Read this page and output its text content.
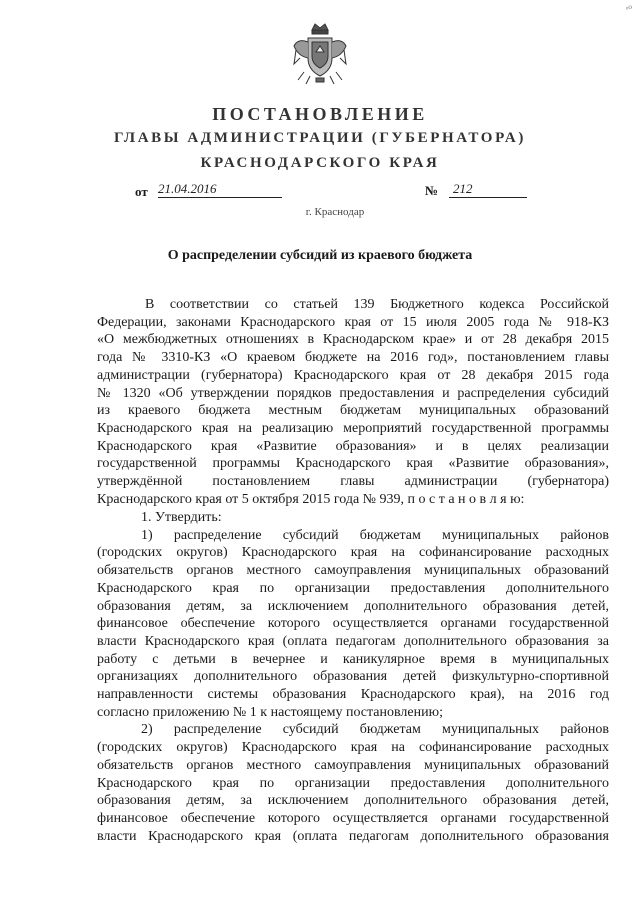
ᵒ⁰
ПОСТАНОВЛЕНИЕ
ГЛАВЫ АДМИНИСТРАЦИИ (ГУБЕРНАТОРА)
КРАСНОДАРСКОГО КРАЯ
от 21.04.2016	№ 212
г. Краснодар
О распределении субсидий из краевого бюджета
В соответствии со статьей 139 Бюджетного кодекса Российской
Федерации, законами Краснодарского края от 15 июля 2005 года № 918-КЗ
«О межбюджетных отношениях в Краснодарском крае» и от 28 декабря 2015
года № 3310-КЗ «О краевом бюджете на 2016 год», постановлением главы
администрации (губернатора) Краснодарского края от 28 декабря 2015 года
№ 1320 «Об утверждении порядков предоставления и распределения субсидий
из краевого бюджета местным бюджетам муниципальных образований
Краснодарского края на реализацию мероприятий государственной программы
Краснодарского края «Развитие образования» и в целях реализации
государственной программы Краснодарского края «Развитие образования»,
утверждённой постановлением главы администрации (губернатора)
Краснодарского края от 5 октября 2015 года № 939, п о с т а н о в л я ю:
1. Утвердить:
1) распределение субсидий бюджетам муниципальных районов
(городских округов) Краснодарского края на софинансирование расходных
обязательств органов местного самоуправления муниципальных образований
Краснодарского края по организации предоставления дополнительного
образования детям, за исключением дополнительного образования детей,
финансовое обеспечение которого осуществляется органами государственной
власти Краснодарского края (оплата педагогам дополнительного образования за
работу с детьми в вечернее и каникулярное время в муниципальных
организациях дополнительного образования детей физкультурно-спортивной
направленности системы образования Краснодарского края), на 2016 год
согласно приложению № 1 к настоящему постановлению;
2) распределение субсидий бюджетам муниципальных районов
(городских округов) Краснодарского края на софинансирование расходных
обязательств органов местного самоуправления муниципальных образований
Краснодарского края по организации предоставления дополнительного
образования детям, за исключением дополнительного образования детей,
финансовое обеспечение которого осуществляется органами государственной
власти Краснодарского края (оплата педагогам дополнительного образования
